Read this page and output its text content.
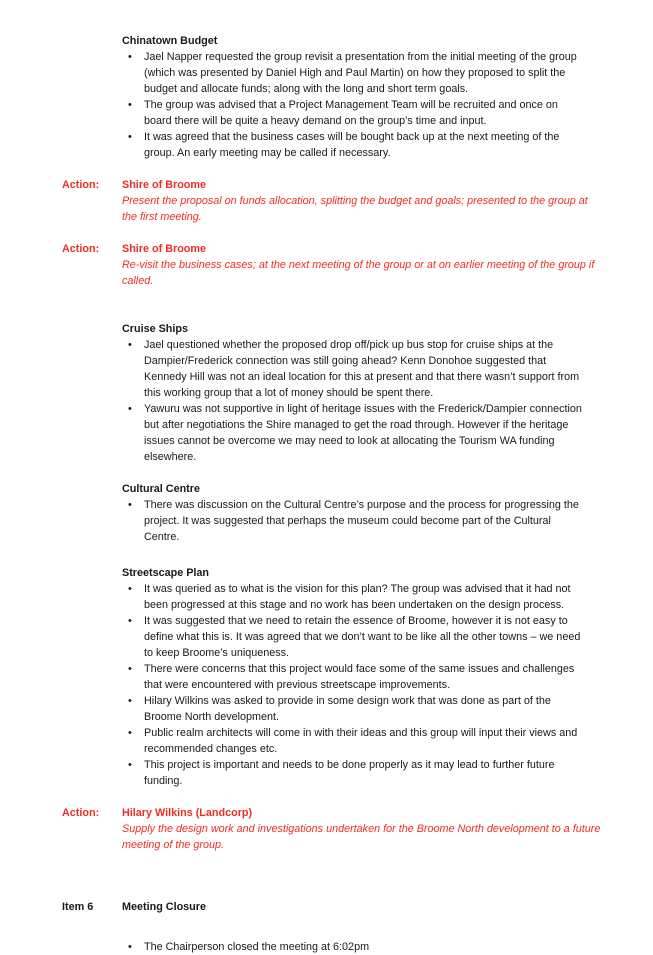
Chinatown Budget
• Jael Napper requested the group revisit a presentation from the initial meeting of the group (which was presented by Daniel High and Paul Martin) on how they proposed to split the budget and allocate funds; along with the long and short term goals.
• The group was advised that a Project Management Team will be recruited and once on board there will be quite a heavy demand on the group’s time and input.
• It was agreed that the business cases will be bought back up at the next meeting of the group. An early meeting may be called if necessary.
Action:	Shire of Broome
Present the proposal on funds allocation, splitting the budget and goals; presented to the group at the first meeting.
Action:	Shire of Broome
Re-visit the business cases; at the next meeting of the group or at on earlier meeting of the group if called.
Cruise Ships
• Jael questioned whether the proposed drop off/pick up bus stop for cruise ships at the Dampier/Frederick connection was still going ahead? Kenn Donohoe suggested that Kennedy Hill was not an ideal location for this at present and that there wasn’t support from this working group that a lot of money should be spent there.
• Yawuru was not supportive in light of heritage issues with the Frederick/Dampier connection but after negotiations the Shire managed to get the road through. However if the heritage issues cannot be overcome we may need to look at allocating the Tourism WA funding elsewhere.
Cultural Centre
• There was discussion on the Cultural Centre’s purpose and the process for progressing the project. It was suggested that perhaps the museum could become part of the Cultural Centre.
Streetscape Plan
• It was queried as to what is the vision for this plan? The group was advised that it had not been progressed at this stage and no work has been undertaken on the design process.
• It was suggested that we need to retain the essence of Broome, however it is not easy to define what this is. It was agreed that we don’t want to be like all the other towns – we need to keep Broome’s uniqueness.
• There were concerns that this project would face some of the same issues and challenges that were encountered with previous streetscape improvements.
• Hilary Wilkins was asked to provide in some design work that was done as part of the Broome North development.
• Public realm architects will come in with their ideas and this group will input their views and recommended changes etc.
• This project is important and needs to be done properly as it may lead to further future funding.
Action:	Hilary Wilkins (Landcorp)
Supply the design work and investigations undertaken for the Broome North development to a future meeting of the group.
Item 6	Meeting Closure
• The Chairperson closed the meeting at 6:02pm
